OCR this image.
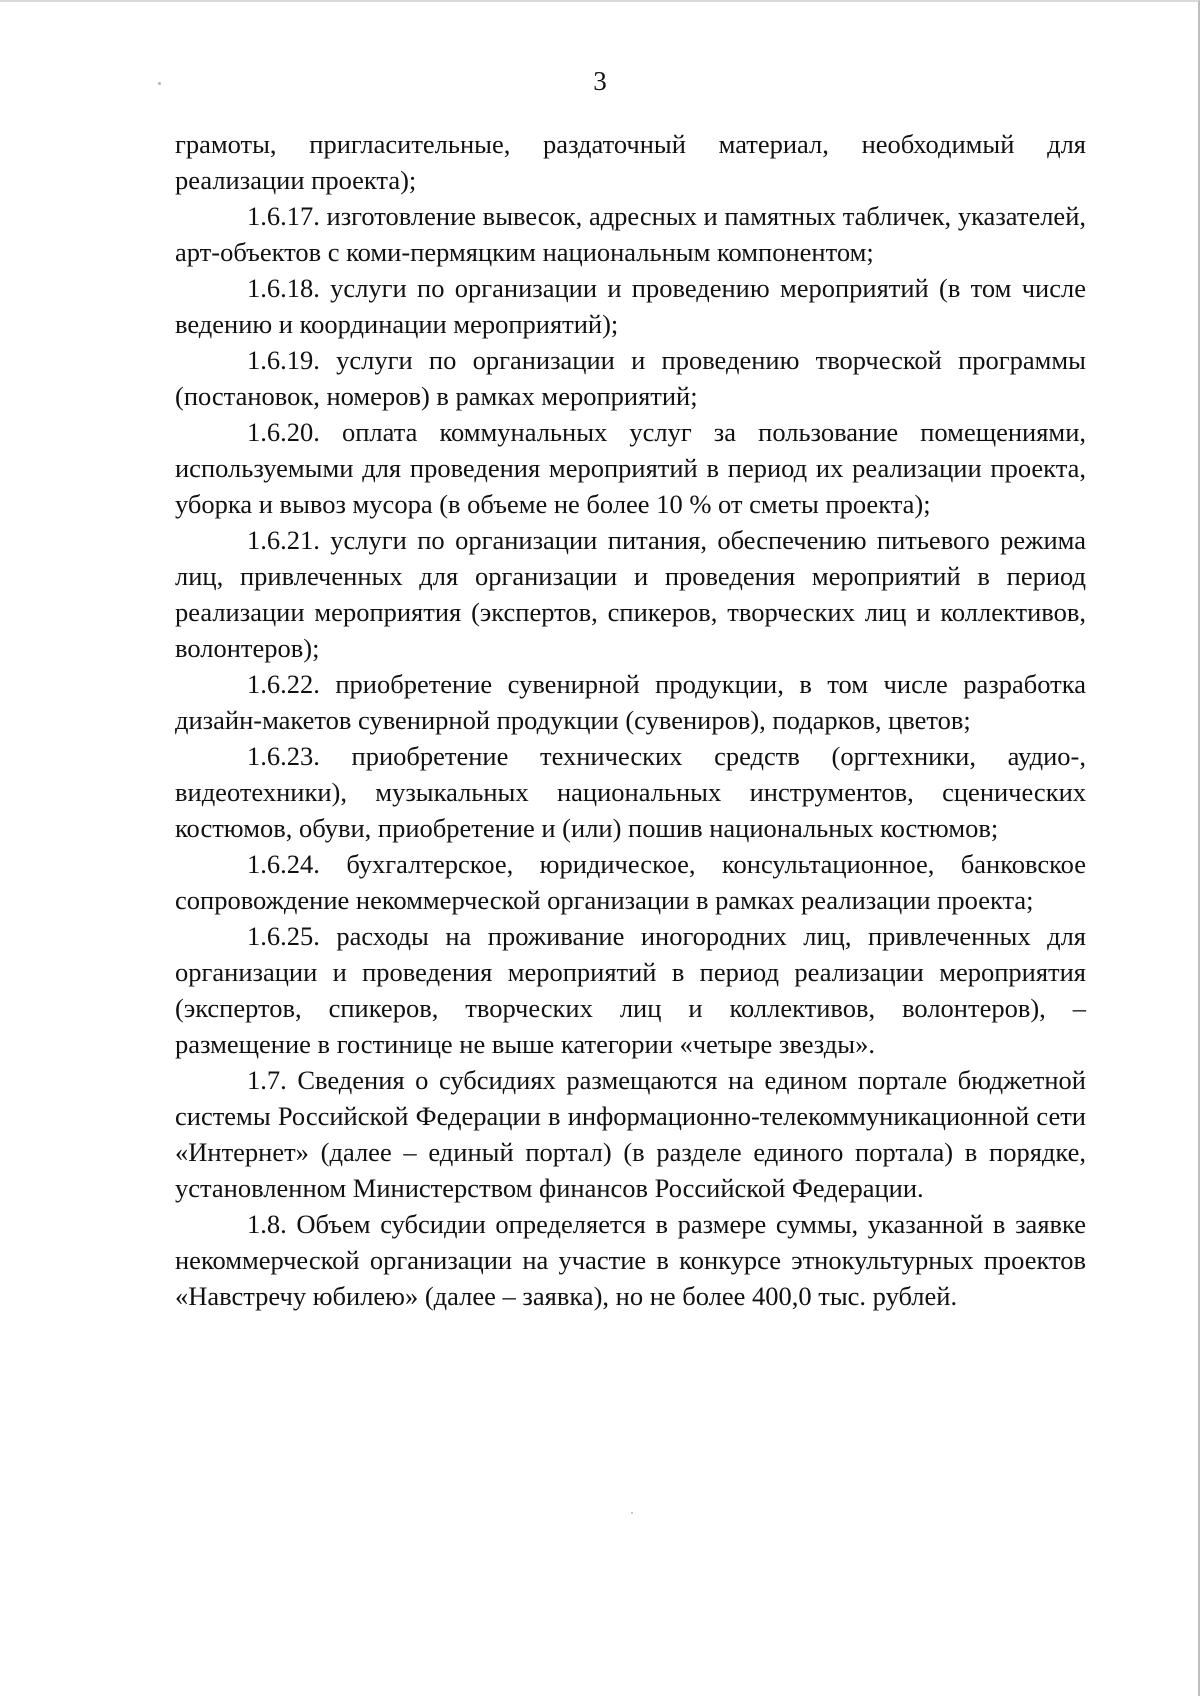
3

грамоты, пригласительные, раздаточный материал, необходимый для реализации проекта);

1.6.17. изготовление вывесок, адресных и памятных табличек, указателей, арт-объектов с коми-пермяцким национальным компонентом;

1.6.18. услуги по организации и проведению мероприятий (в том числе ведению и координации мероприятий);

1.6.19. услуги по организации и проведению творческой программы (постановок, номеров) в рамках мероприятий;

1.6.20. оплата коммунальных услуг за пользование помещениями, используемыми для проведения мероприятий в период их реализации проекта, уборка и вывоз мусора (в объеме не более 10 % от сметы проекта);

1.6.21. услуги по организации питания, обеспечению питьевого режима лиц, привлеченных для организации и проведения мероприятий в период реализации мероприятия (экспертов, спикеров, творческих лиц и коллективов, волонтеров);

1.6.22. приобретение сувенирной продукции, в том числе разработка дизайн-макетов сувенирной продукции (сувениров), подарков, цветов;

1.6.23. приобретение технических средств (оргтехники, аудио-, видеотехники), музыкальных национальных инструментов, сценических костюмов, обуви, приобретение и (или) пошив национальных костюмов;

1.6.24. бухгалтерское, юридическое, консультационное, банковское сопровождение некоммерческой организации в рамках реализации проекта;

1.6.25. расходы на проживание иногородних лиц, привлеченных для организации и проведения мероприятий в период реализации мероприятия (экспертов, спикеров, творческих лиц и коллективов, волонтеров), – размещение в гостинице не выше категории «четыре звезды».

1.7. Сведения о субсидиях размещаются на едином портале бюджетной системы Российской Федерации в информационно-телекоммуникационной сети «Интернет» (далее – единый портал) (в разделе единого портала) в порядке, установленном Министерством финансов Российской Федерации.

1.8. Объем субсидии определяется в размере суммы, указанной в заявке некоммерческой организации на участие в конкурсе этнокультурных проектов «Навстречу юбилею» (далее – заявка), но не более 400,0 тыс. рублей.
